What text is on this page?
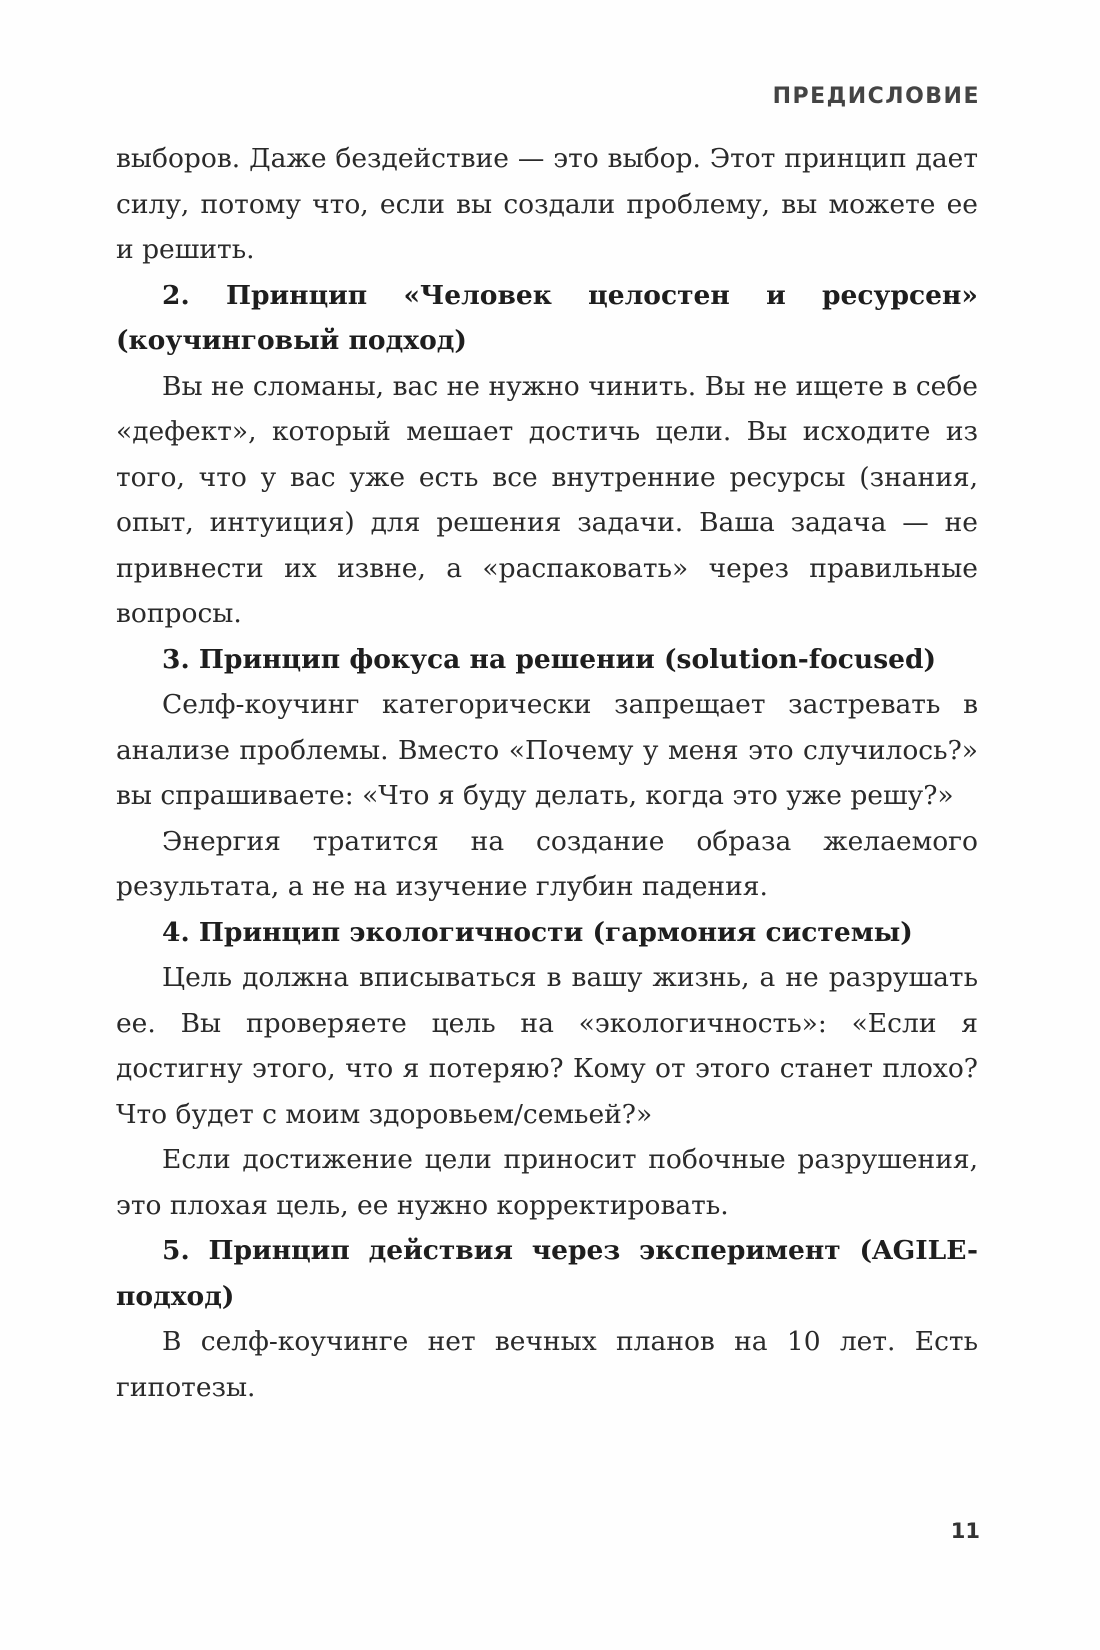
ПРЕДИСЛОВИЕ

выборов. Даже бездействие — это выбор. Этот принцип дает силу, потому что, если вы создали проблему, вы можете ее и решить.

2. Принцип «Человек целостен и ресурсен» (коучинговый подход)

Вы не сломаны, вас не нужно чинить. Вы не ищете в себе «дефект», который мешает достичь цели. Вы исходите из того, что у вас уже есть все внутренние ресурсы (знания, опыт, интуиция) для решения задачи. Ваша задача — не привнести их извне, а «распаковать» через правильные вопросы.

3. Принцип фокуса на решении (solution-focused)

Селф-коучинг категорически запрещает застревать в анализе проблемы. Вместо «Почему у меня это случилось?» вы спрашиваете: «Что я буду делать, когда это уже решу?»

Энергия тратится на создание образа желаемого результата, а не на изучение глубин падения.

4. Принцип экологичности (гармония системы)

Цель должна вписываться в вашу жизнь, а не разрушать ее. Вы проверяете цель на «экологичность»: «Если я достигну этого, что я потеряю? Кому от этого станет плохо? Что будет с моим здоровьем/семьей?»

Если достижение цели приносит побочные разрушения, это плохая цель, ее нужно корректировать.

5. Принцип действия через эксперимент (AGILE-подход)

В селф-коучинге нет вечных планов на 10 лет. Есть гипотезы.

11
